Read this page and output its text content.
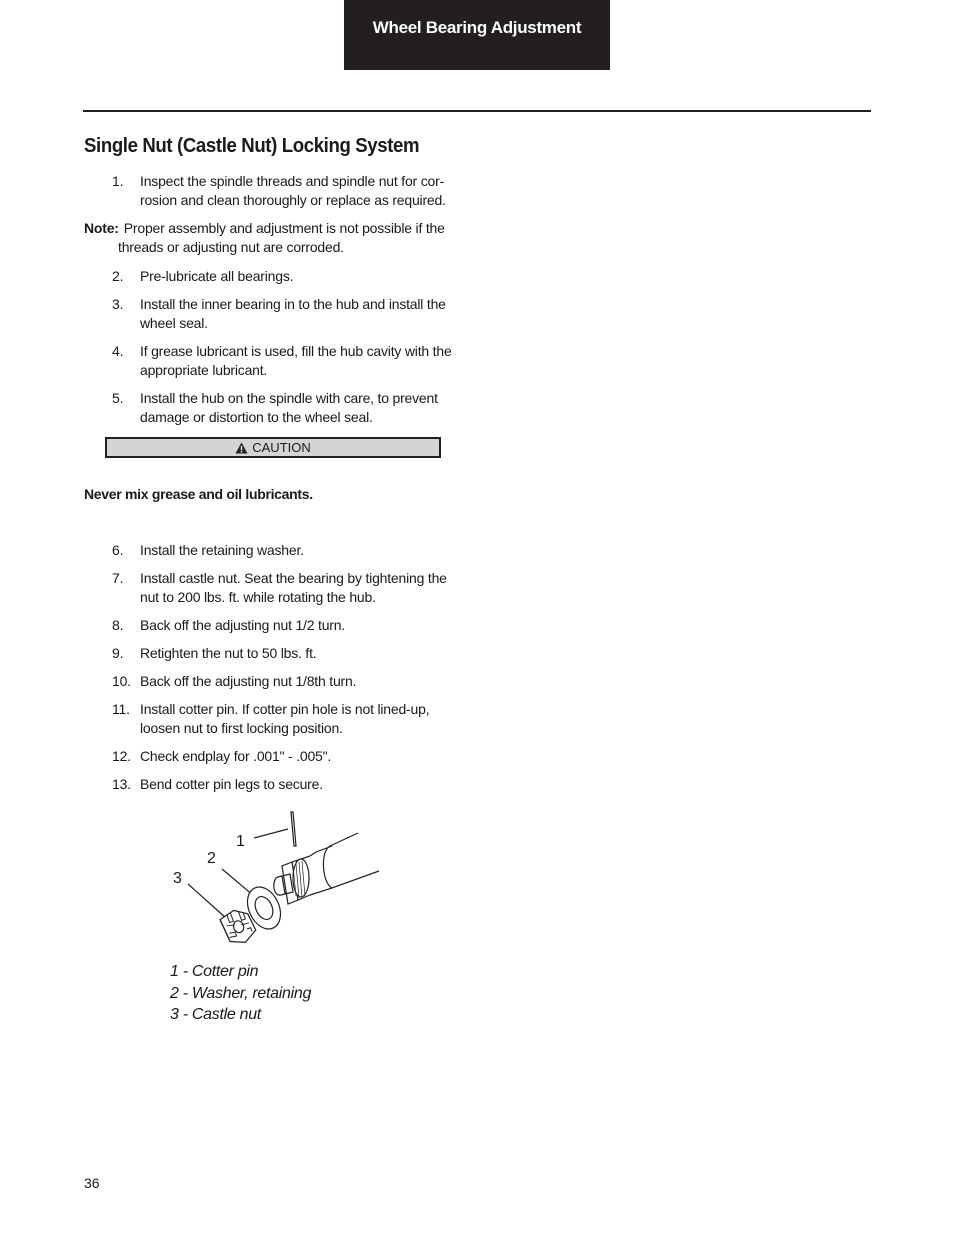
Wheel Bearing Adjustment
Single Nut (Castle Nut) Locking System
1.	Inspect the spindle threads and spindle nut for cor-rosion and clean thoroughly or replace as required.
Note: Proper assembly and adjustment is not possible if the threads or adjusting nut are corroded.
2.	Pre-lubricate all bearings.
3.	Install the inner bearing in to the hub and install the wheel seal.
4.	If grease lubricant is used, fill the hub cavity with the appropriate lubricant.
5.	Install the hub on the spindle with care, to prevent damage or distortion to the wheel seal.
CAUTION
Never mix grease and oil lubricants.
6.	Install the retaining washer.
7.	Install castle nut. Seat the bearing by tightening the nut to 200 lbs. ft. while rotating the hub.
8.	Back off the adjusting nut 1/2 turn.
9.	Retighten the nut to 50 lbs. ft.
10. Back off the adjusting nut 1/8th turn.
11. Install cotter pin. If cotter pin hole is not lined-up, loosen nut to first locking position.
12. Check endplay for .001" - .005".
13. Bend cotter pin legs to secure.
1
2
3
1 - Cotter pin
2 - Washer, retaining
3 - Castle nut
36
